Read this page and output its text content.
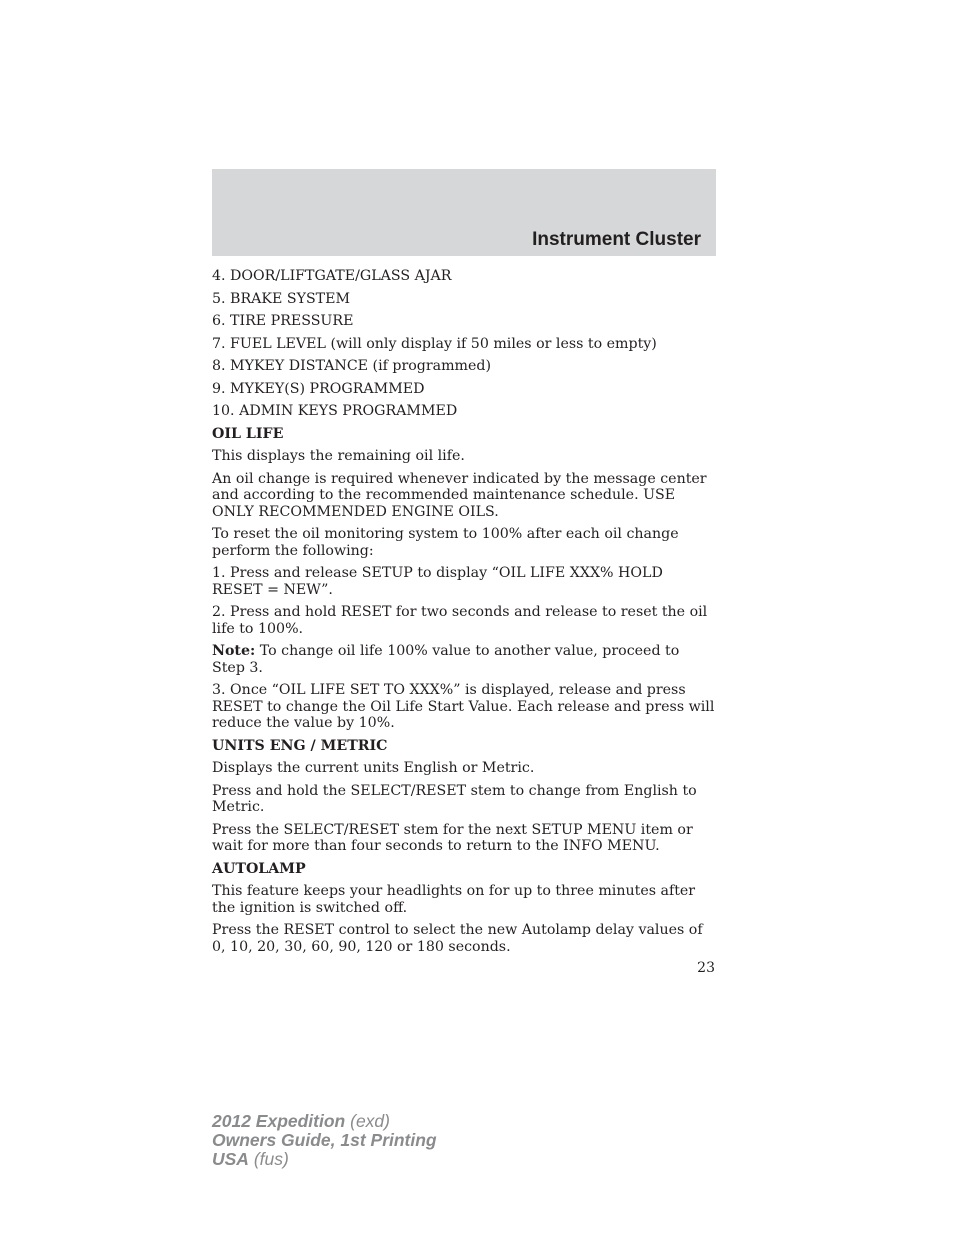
Instrument Cluster
4. DOOR/LIFTGATE/GLASS AJAR
5. BRAKE SYSTEM
6. TIRE PRESSURE
7. FUEL LEVEL (will only display if 50 miles or less to empty)
8. MYKEY DISTANCE (if programmed)
9. MYKEY(S) PROGRAMMED
10. ADMIN KEYS PROGRAMMED
OIL LIFE

This displays the remaining oil life.

An oil change is required whenever indicated by the message center and according to the recommended maintenance schedule. USE ONLY RECOMMENDED ENGINE OILS.

To reset the oil monitoring system to 100% after each oil change perform the following:

1. Press and release SETUP to display “OIL LIFE XXX% HOLD RESET = NEW”.

2. Press and hold RESET for two seconds and release to reset the oil life to 100%.

Note: To change oil life 100% value to another value, proceed to Step 3.

3. Once “OIL LIFE SET TO XXX%” is displayed, release and press RESET to change the Oil Life Start Value. Each release and press will reduce the value by 10%.

UNITS ENG / METRIC

Displays the current units English or Metric.

Press and hold the SELECT/RESET stem to change from English to Metric.

Press the SELECT/RESET stem for the next SETUP MENU item or wait for more than four seconds to return to the INFO MENU.

AUTOLAMP

This feature keeps your headlights on for up to three minutes after the ignition is switched off.

Press the RESET control to select the new Autolamp delay values of 0, 10, 20, 30, 60, 90, 120 or 180 seconds.

23
2012 Expedition (exd)
Owners Guide, 1st Printing
USA (fus)
